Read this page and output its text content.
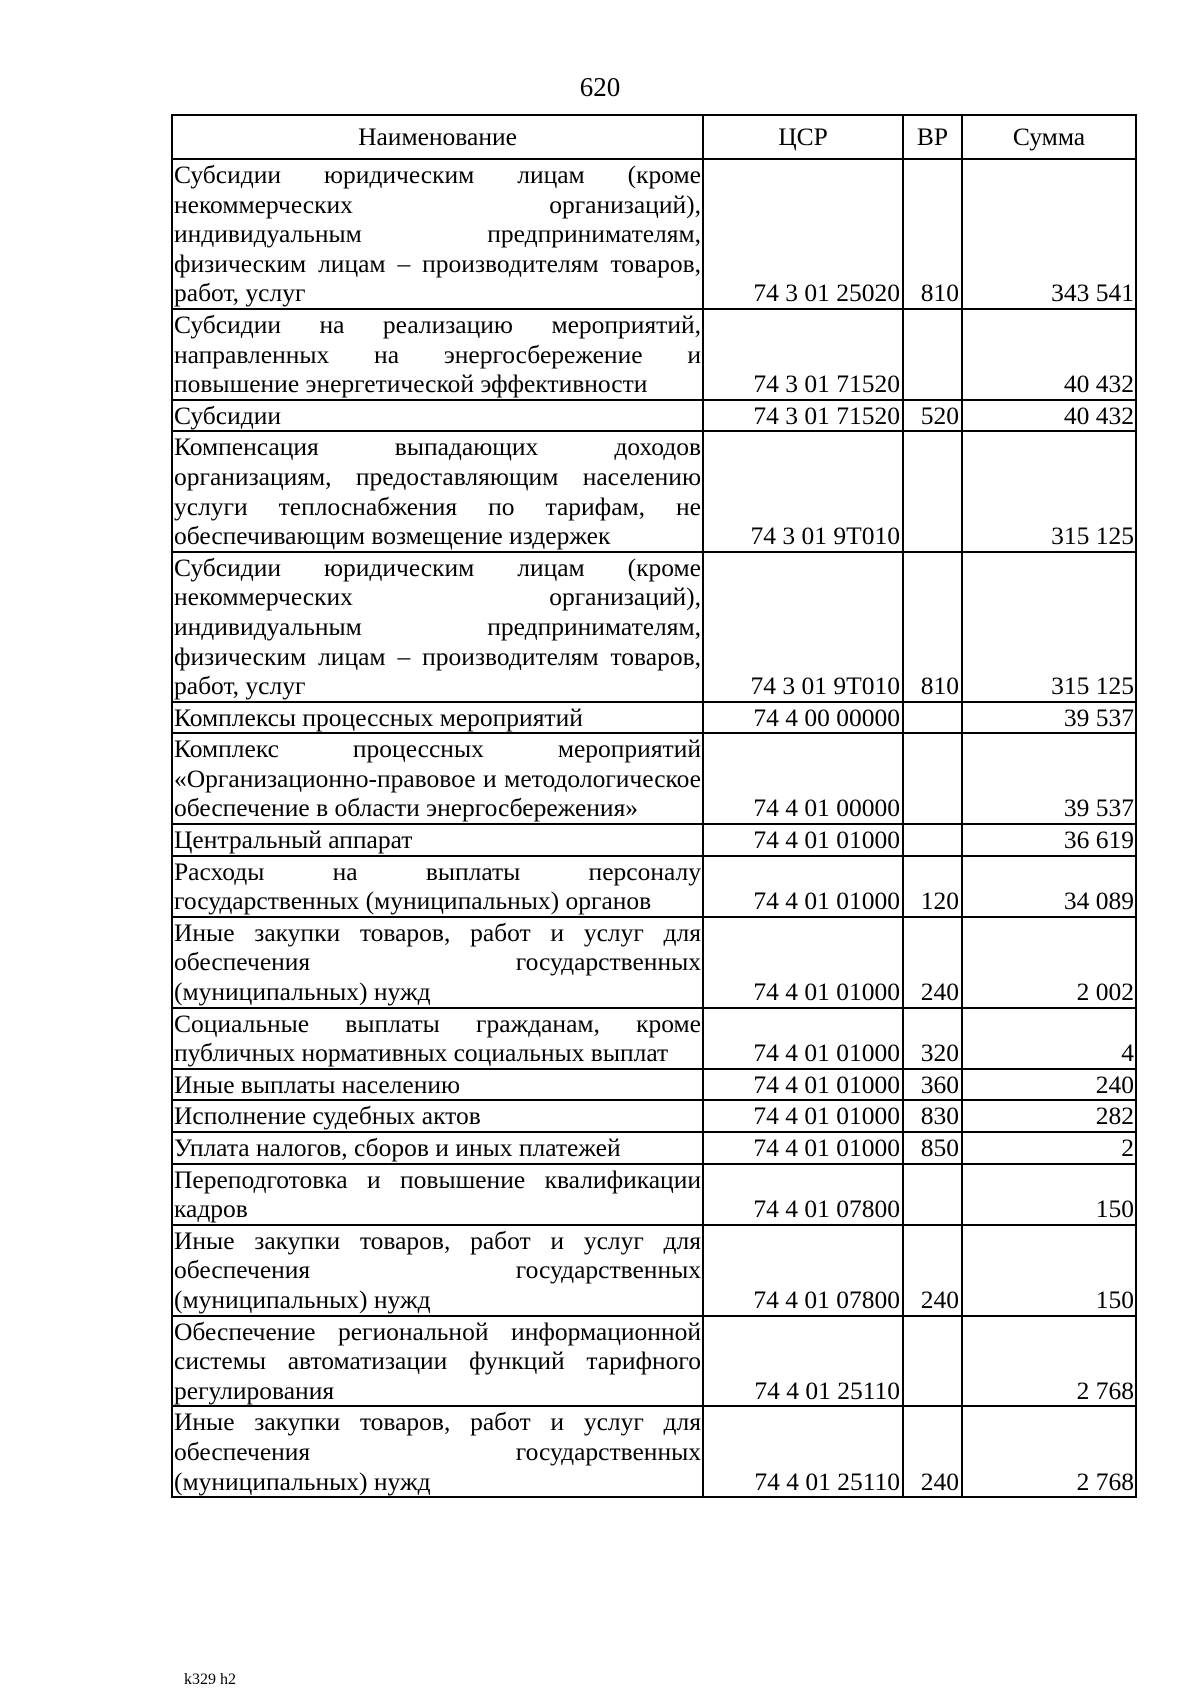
620
Наименование	ЦСР	ВР	Сумма
Субсидии юридическим лицам (кроме некоммерческих организаций), индивидуальным предпринимателям, физическим лицам – производителям товаров, работ, услуг	74 3 01 25020	810	343 541
Субсидии на реализацию мероприятий, направленных на энергосбережение и повышение энергетической эффективности	74 3 01 71520		40 432
Субсидии	74 3 01 71520	520	40 432
Компенсация выпадающих доходов организациям, предоставляющим населению услуги теплоснабжения по тарифам, не обеспечивающим возмещение издержек	74 3 01 9Т010		315 125
Субсидии юридическим лицам (кроме некоммерческих организаций), индивидуальным предпринимателям, физическим лицам – производителям товаров, работ, услуг	74 3 01 9Т010	810	315 125
Комплексы процессных мероприятий	74 4 00 00000		39 537
Комплекс процессных мероприятий «Организационно-правовое и методологическое обеспечение в области энергосбережения»	74 4 01 00000		39 537
Центральный аппарат	74 4 01 01000		36 619
Расходы на выплаты персоналу государственных (муниципальных) органов	74 4 01 01000	120	34 089
Иные закупки товаров, работ и услуг для обеспечения государственных (муниципальных) нужд	74 4 01 01000	240	2 002
Социальные выплаты гражданам, кроме публичных нормативных социальных выплат	74 4 01 01000	320	4
Иные выплаты населению	74 4 01 01000	360	240
Исполнение судебных актов	74 4 01 01000	830	282
Уплата налогов, сборов и иных платежей	74 4 01 01000	850	2
Переподготовка и повышение квалификации кадров	74 4 01 07800		150
Иные закупки товаров, работ и услуг для обеспечения государственных (муниципальных) нужд	74 4 01 07800	240	150
Обеспечение региональной информационной системы автоматизации функций тарифного регулирования	74 4 01 25110		2 768
Иные закупки товаров, работ и услуг для обеспечения государственных (муниципальных) нужд	74 4 01 25110	240	2 768
k329 h2
